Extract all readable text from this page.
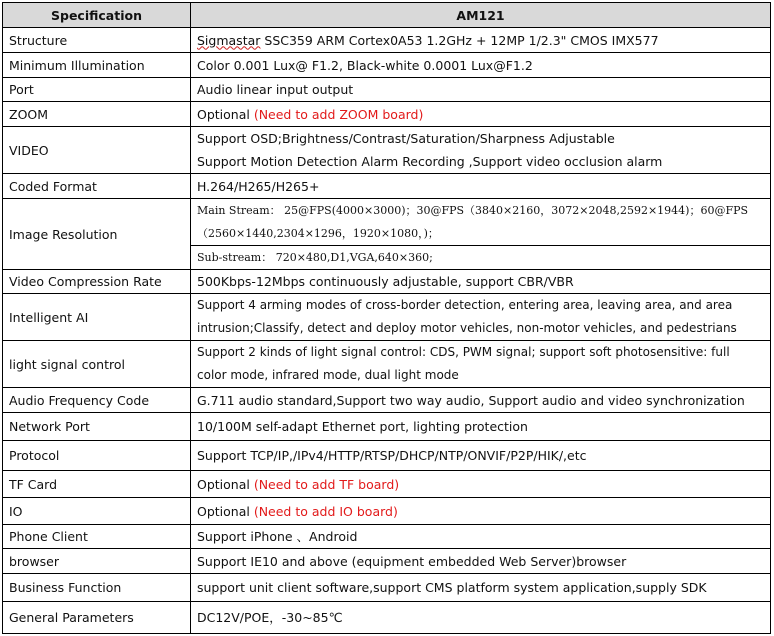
Specification	AM121
Structure	Sigmastar SSC359 ARM Cortex0A53 1.2GHz + 12MP 1/2.3" CMOS IMX577
Minimum Illumination	Color 0.001 Lux@ F1.2, Black-white 0.0001 Lux@F1.2
Port	Audio linear input output
ZOOM	Optional (Need to add ZOOM board)
VIDEO	Support OSD;Brightness/Contrast/Saturation/Sharpness Adjustable
Support Motion Detection Alarm Recording ,Support video occlusion alarm

Coded Format	H.264/H265/H265+
Image Resolution	Main Stream： 25@FPS(4000×3000)；30@FPS（3840×2160，3072×2048,2592×1944)；60@FPS
（2560×1440,2304×1296，1920×1080，)；
Sub-stream： 720×480,D1,VGA,640×360;

Video Compression Rate	500Kbps-12Mbps continuously adjustable, support CBR/VBR
Intelligent AI	Support 4 arming modes of cross-border detection, entering area, leaving area, and area
intrusion;Classify, detect and deploy motor vehicles, non-motor vehicles, and pedestrians

light signal control	Support 2 kinds of light signal control: CDS, PWM signal; support soft photosensitive: full
color mode, infrared mode, dual light mode

Audio Frequency Code	G.711 audio standard,Support two way audio, Support audio and video synchronization
Network Port	10/100M self-adapt Ethernet port, lighting protection
Protocol	Support TCP/IP,/IPv4/HTTP/RTSP/DHCP/NTP/ONVIF/P2P/HIK/,etc
TF Card	Optional (Need to add TF board)
IO	Optional (Need to add IO board)
Phone Client	Support iPhone 、Android
browser	Support IE10 and above (equipment embedded Web Server)browser
Business Function	support unit client software,support CMS platform system application,supply SDK
General Parameters	DC12V/POE，-30~85℃
